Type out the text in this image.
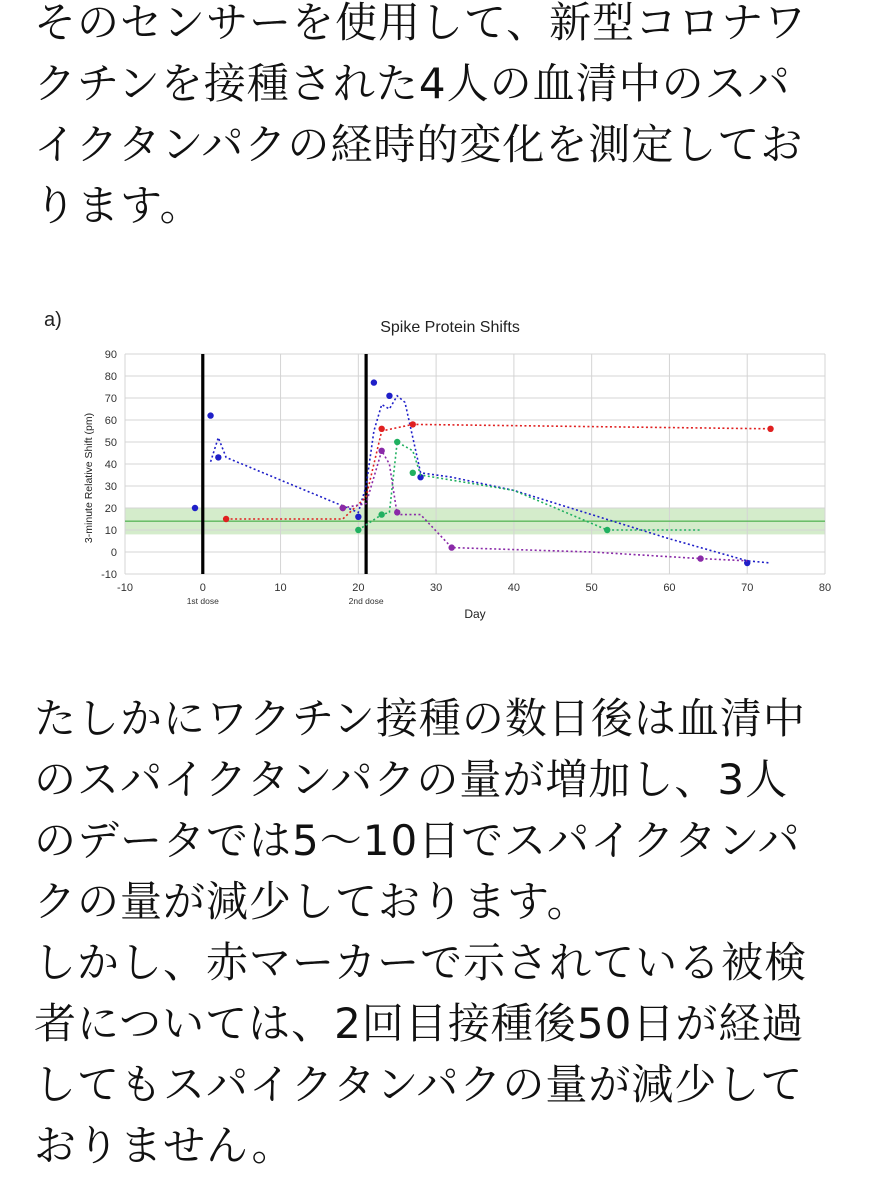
そのセンサーを使用して、新型コロナワ
クチンを接種された4人の血清中のスパ
イクタンパクの経時的変化を測定してお
ります。
a)	Spike Protein Shifts
-10	0	10	20	30	40	50	60	70	80
-10
0
10
20
30
40
50
60
70
80
90
1st dose	2nd dose
Day
3-minute Relative Shift (pm)
たしかにワクチン接種の数日後は血清中
のスパイクタンパクの量が増加し、3人
のデータでは5〜10日でスパイクタンパ
クの量が減少しております。
しかし、赤マーカーで示されている被検
者については、2回目接種後50日が経過
してもスパイクタンパクの量が減少して
おりません。
